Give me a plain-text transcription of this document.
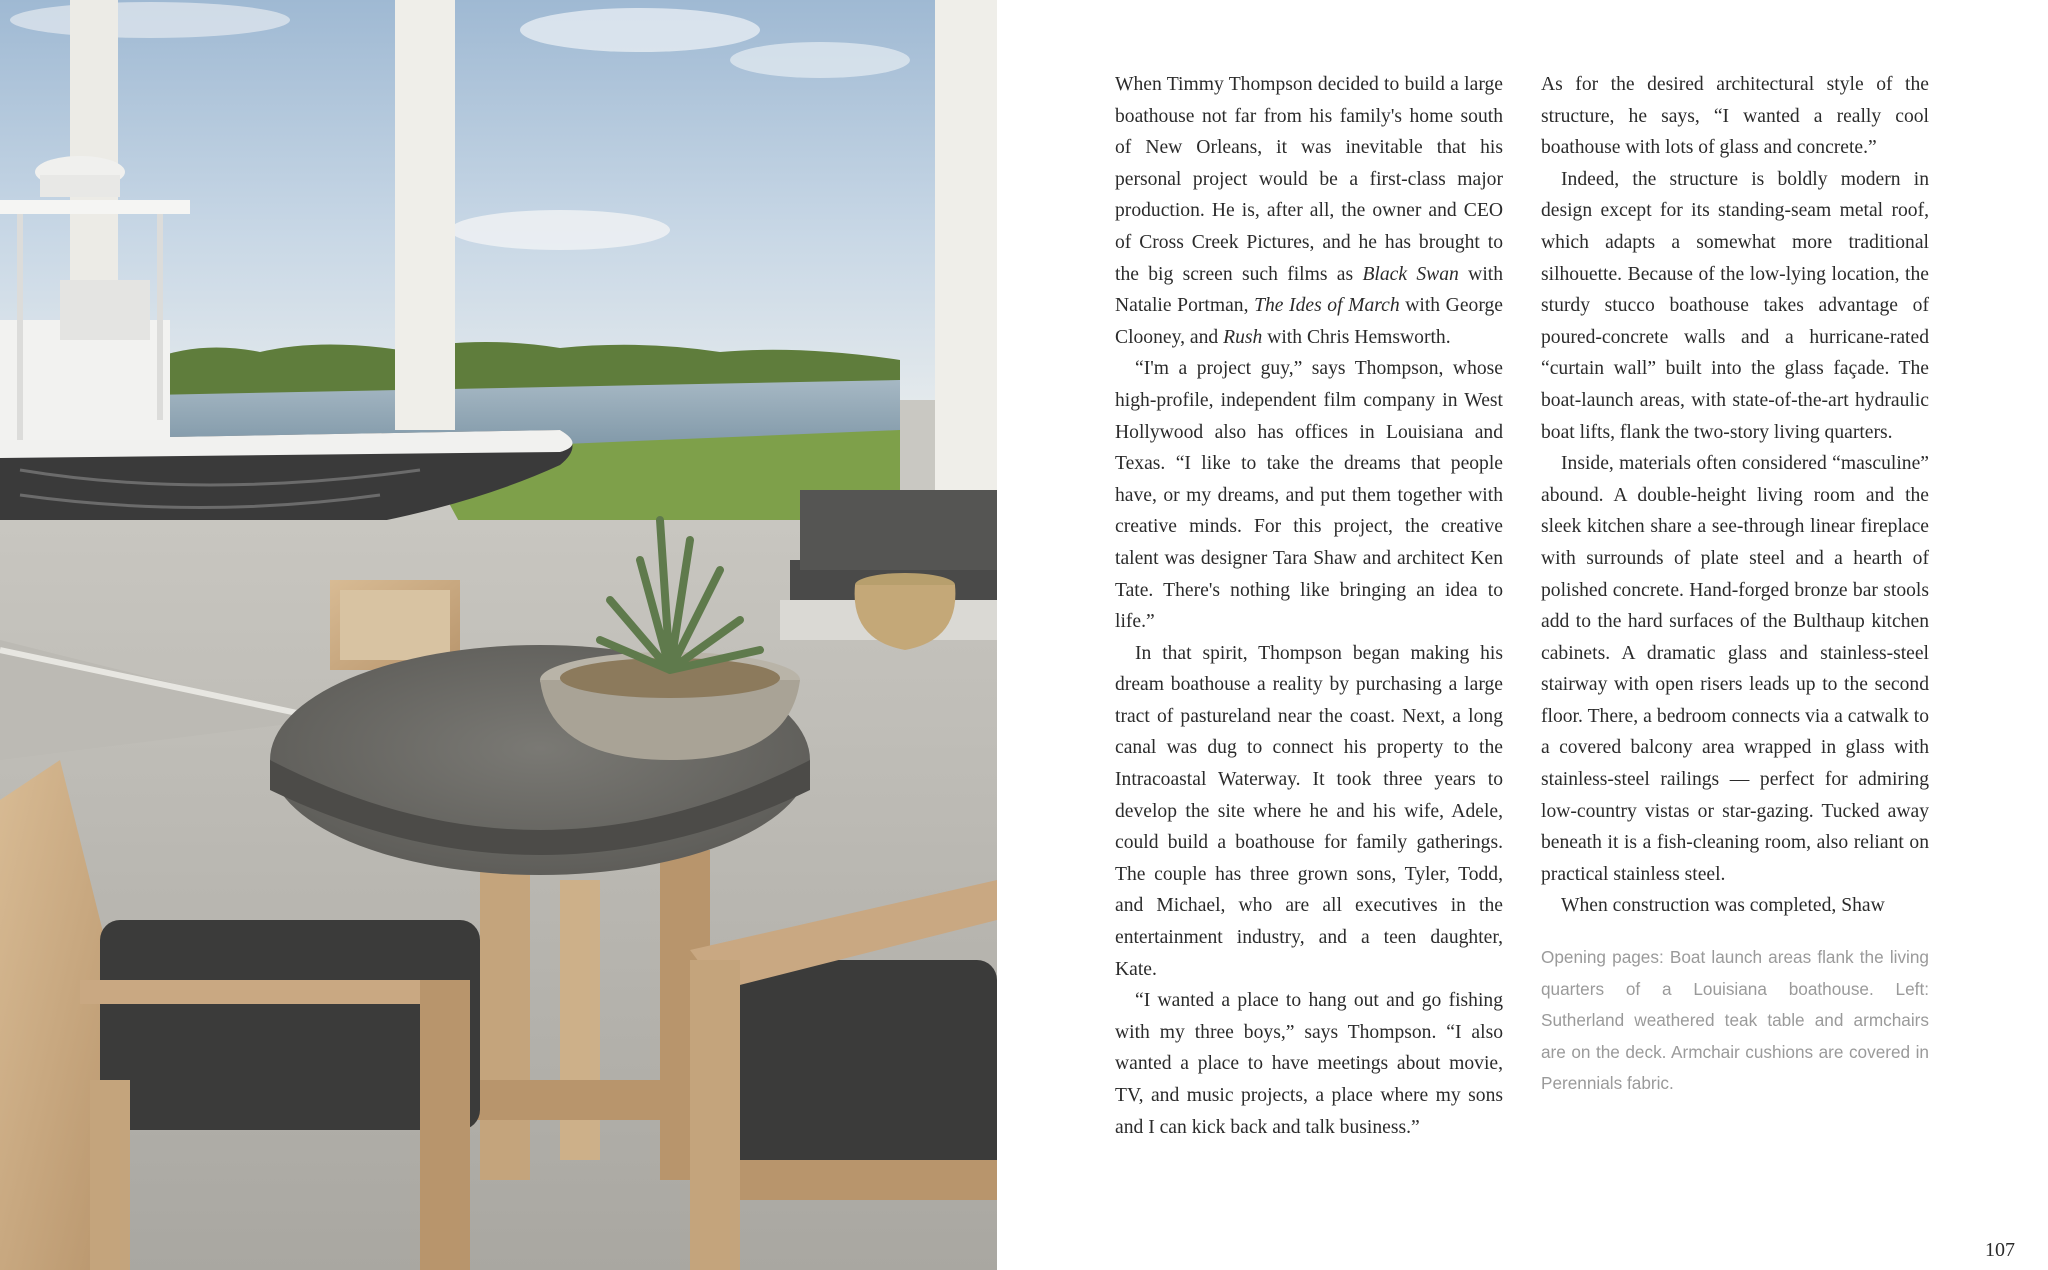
When Timmy Thompson decided to build a large boathouse not far from his family's home south of New Orleans, it was inevitable that his personal project would be a first-class major production. He is, after all, the owner and CEO of Cross Creek Pictures, and he has brought to the big screen such films as Black Swan with Natalie Portman, The Ides of March with George Clooney, and Rush with Chris Hemsworth.

“I'm a project guy,” says Thompson, whose high-profile, independent film company in West Hollywood also has offices in Louisiana and Texas. “I like to take the dreams that people have, or my dreams, and put them together with creative minds. For this project, the creative talent was designer Tara Shaw and architect Ken Tate. There's nothing like bringing an idea to life.”

In that spirit, Thompson began making his dream boathouse a reality by purchasing a large tract of pastureland near the coast. Next, a long canal was dug to connect his property to the Intracoastal Waterway. It took three years to develop the site where he and his wife, Adele, could build a boathouse for family gatherings. The couple has three grown sons, Tyler, Todd, and Michael, who are all executives in the entertainment industry, and a teen daughter, Kate.

“I wanted a place to hang out and go fishing with my three boys,” says Thompson. “I also wanted a place to have meetings about movie, TV, and music projects, a place where my sons and I can kick back and talk business.”

As for the desired architectural style of the structure, he says, “I wanted a really cool boathouse with lots of glass and concrete.”

Indeed, the structure is boldly modern in design except for its standing-seam metal roof, which adapts a somewhat more traditional silhouette. Because of the low-lying location, the sturdy stucco boathouse takes advantage of poured-concrete walls and a hurricane-rated “curtain wall” built into the glass façade. The boat-launch areas, with state-of-the-art hydraulic boat lifts, flank the two-story living quarters.

Inside, materials often considered “masculine” abound. A double-height living room and the sleek kitchen share a see-through linear fireplace with surrounds of plate steel and a hearth of polished concrete. Hand-forged bronze bar stools add to the hard surfaces of the Bulthaup kitchen cabinets. A dramatic glass and stainless-steel stairway with open risers leads up to the second floor. There, a bedroom connects via a catwalk to a covered balcony area wrapped in glass with stainless-steel railings — perfect for admiring low-country vistas or star-gazing. Tucked away beneath it is a fish-cleaning room, also reliant on practical stainless steel.

When construction was completed, Shaw

Opening pages: Boat launch areas flank the living quarters of a Louisiana boathouse. Left: Sutherland weathered teak table and armchairs are on the deck. Armchair cushions are covered in Perennials fabric.
107
